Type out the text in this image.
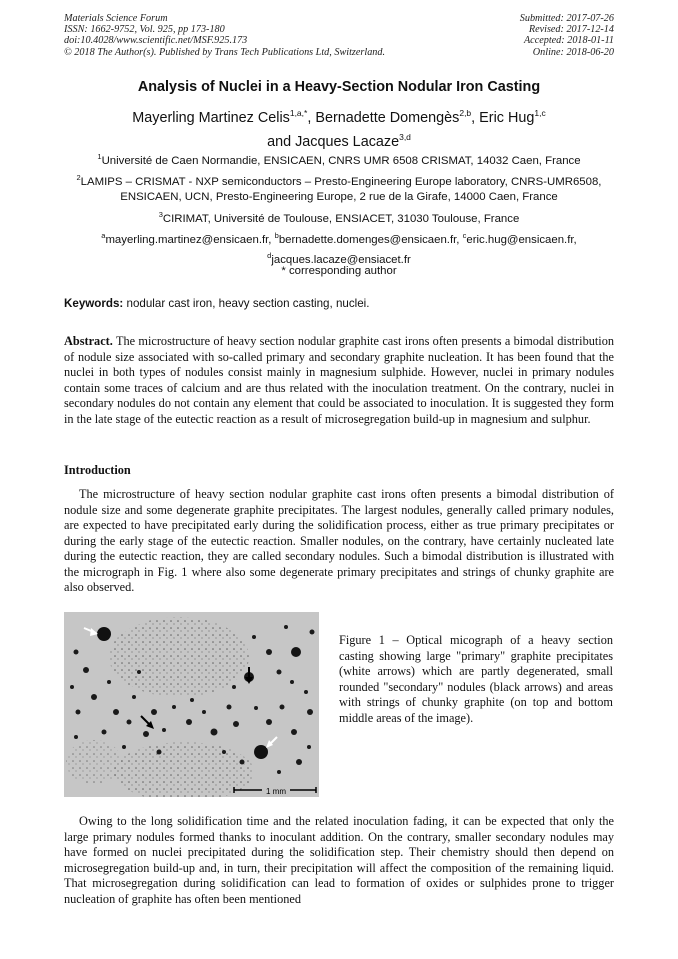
Materials Science Forum
ISSN: 1662-9752, Vol. 925, pp 173-180
doi:10.4028/www.scientific.net/MSF.925.173
© 2018 The Author(s). Published by Trans Tech Publications Ltd, Switzerland.
Submitted: 2017-07-26
Revised: 2017-12-14
Accepted: 2018-01-11
Online: 2018-06-20
Analysis of Nuclei in a Heavy-Section Nodular Iron Casting
Mayerling Martinez Celis$^{1,a,*}$, Bernadette Domengès$^{2,b}$, Eric Hug$^{1,c}$
and Jacques Lacaze$^{3,d}$
$^1$Université de Caen Normandie, ENSICAEN, CNRS UMR 6508 CRISMAT, 14032 Caen, France
$^2$LAMIPS – CRISMAT - NXP semiconductors – Presto-Engineering Europe laboratory, CNRS-UMR6508, ENSICAEN, UCN, Presto-Engineering Europe, 2 rue de la Girafe, 14000 Caen, France
$^3$CIRIMAT, Université de Toulouse, ENSIACET, 31030 Toulouse, France
$^a$mayerling.martinez@ensicaen.fr, $^b$bernadette.domenges@ensicaen.fr, $^c$eric.hug@ensicaen.fr,
$^d$jacques.lacaze@ensiacet.fr
* corresponding author
Keywords: nodular cast iron, heavy section casting, nuclei.

Abstract. The microstructure of heavy section nodular graphite cast irons often presents a bimodal distribution of nodule size associated with so-called primary and secondary graphite nucleation. It has been found that the nuclei in both types of nodules consist mainly in magnesium sulphide. However, nuclei in primary nodules contain some traces of calcium and are thus related with the inoculation treatment. On the contrary, nuclei in secondary nodules do not contain any element that could be associated to inoculation. It is suggested they form in the late stage of the eutectic reaction as a result of microsegregation build-up in magnesium and sulphur.

Introduction

The microstructure of heavy section nodular graphite cast irons often presents a bimodal distribution of nodule size and some degenerate graphite precipitates. The largest nodules, generally called primary nodules, are expected to have precipitated early during the solidification process, either as true primary precipitates or during the early stage of the eutectic reaction. Smaller nodules, on the contrary, have certainly nucleated late during the eutectic reaction, they are called secondary nodules. Such a bimodal distribution is illustrated with the micrograph in Fig. 1 where also some degenerate primary precipitates and strings of chunky graphite are also observed.

1 mm
Figure 1 – Optical micograph of a heavy section casting showing large "primary" graphite precipitates (white arrows) which are partly degenerated, small rounded "secondary" nodules (black arrows) and areas with strings of chunky graphite (on top and bottom middle areas of the image).

Owing to the long solidification time and the related inoculation fading, it can be expected that only the large primary nodules formed thanks to inoculant addition. On the contrary, smaller secondary nodules may have formed on nuclei precipitated during the solidification step. Their chemistry should then depend on microsegregation build-up and, in turn, their precipitation will affect the composition of the remaining liquid. That microsegregation during solidification can lead to formation of oxides or sulphides prone to trigger nucleation of graphite has often been mentioned
